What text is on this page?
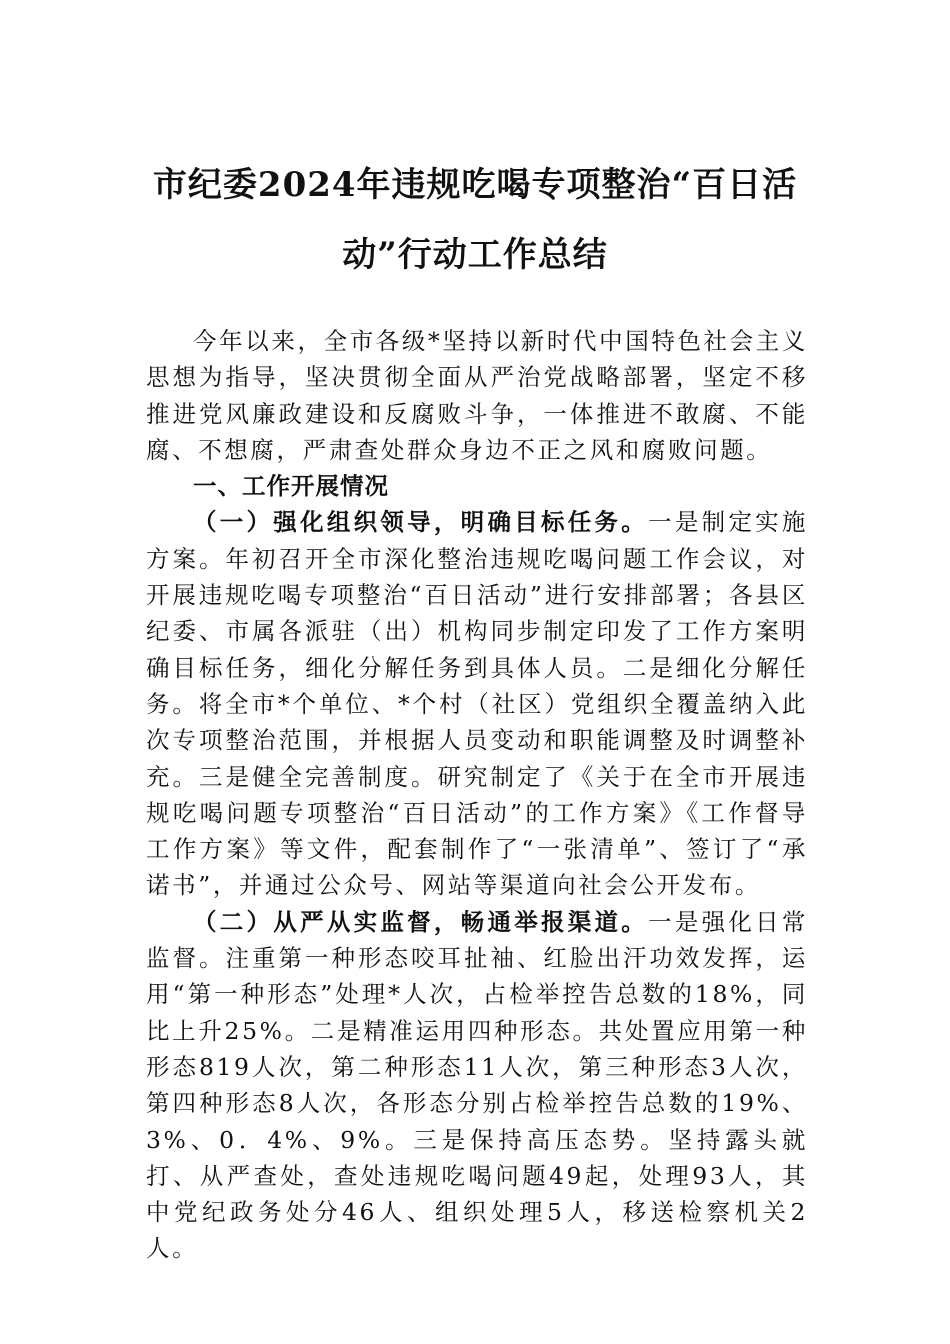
市纪委2024年违规吃喝专项整治“百日活
动”行动工作总结

今年以来，全市各级*坚持以新时代中国特色社会主义思想为指导，坚决贯彻全面从严治党战略部署，坚定不移推进党风廉政建设和反腐败斗争，一体推进不敢腐、不能腐、不想腐，严肃查处群众身边不正之风和腐败问题。

一、工作开展情况

（一）强化组织领导，明确目标任务。一是制定实施方案。年初召开全市深化整治违规吃喝问题工作会议，对开展违规吃喝专项整治“百日活动”进行安排部署；各县区纪委、市属各派驻（出）机构同步制定印发了工作方案明确目标任务，细化分解任务到具体人员。二是细化分解任务。将全市*个单位、*个村（社区）党组织全覆盖纳入此次专项整治范围，并根据人员变动和职能调整及时调整补充。三是健全完善制度。研究制定了《关于在全市开展违规吃喝问题专项整治“百日活动”的工作方案》《工作督导工作方案》等文件，配套制作了“一张清单”、签订了“承诺书”，并通过公众号、网站等渠道向社会公开发布。

（二）从严从实监督，畅通举报渠道。一是强化日常监督。注重第一种形态咬耳扯袖、红脸出汗功效发挥，运用“第一种形态”处理*人次，占检举控告总数的18%，同比上升25%。二是精准运用四种形态。共处置应用第一种形态819人次，第二种形态11人次，第三种形态3人次，第四种形态8人次，各形态分别占检举控告总数的19%、3%、0．4%、9%。三是保持高压态势。坚持露头就打、从严查处，查处违规吃喝问题49起，处理93人，其中党纪政务处分46人、组织处理5人，移送检察机关2人。
